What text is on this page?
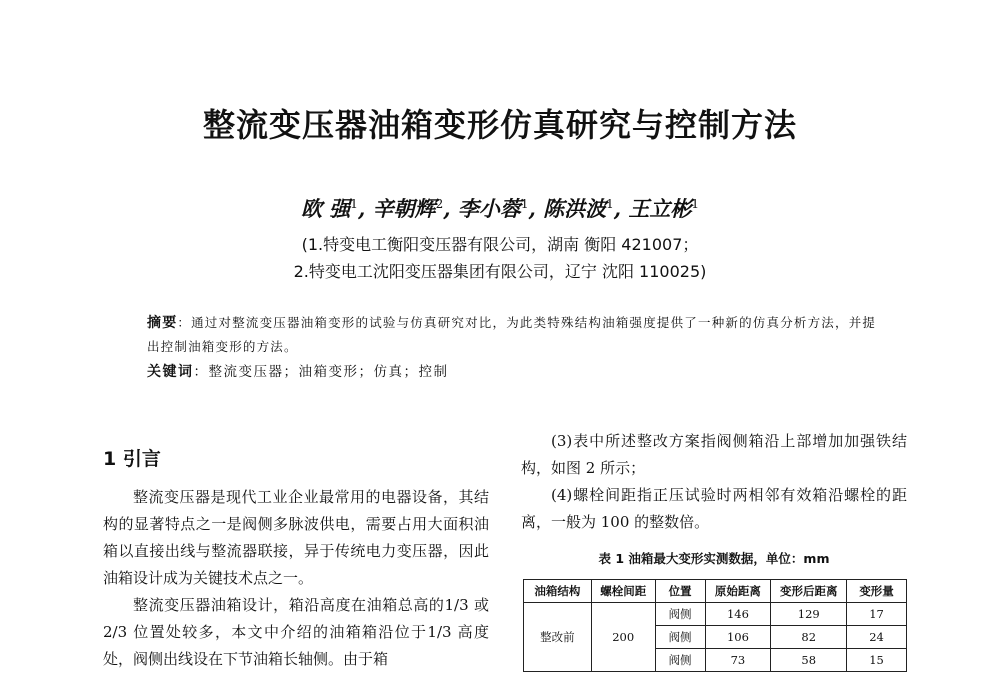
整流变压器油箱变形仿真研究与控制方法
欧 强$^1$, 辛朝辉$^2$, 李小蓉$^1$, 陈洪波$^1$, 王立彬$^1$
(1.特变电工衡阳变压器有限公司，湖南 衡阳 421007；
2.特变电工沈阳变压器集团有限公司，辽宁 沈阳 110025)
摘要：通过对整流变压器油箱变形的试验与仿真研究对比，为此类特殊结构油箱强度提供了一种新的仿真分析方法，并提出控制油箱变形的方法。
关键词：整流变压器；油箱变形；仿真；控制
1 引言

整流变压器是现代工业企业最常用的电器设备，其结构的显著特点之一是阀侧多脉波供电，需要占用大面积油箱以直接出线与整流器联接，异于传统电力变压器，因此油箱设计成为关键技术点之一。

整流变压器油箱设计，箱沿高度在油箱总高的1/3 或 2/3 位置处较多，本文中介绍的油箱箱沿位于1/3 高度处，阀侧出线设在下节油箱长轴侧。由于箱

(3)表中所述整改方案指阀侧箱沿上部增加加强铁结构，如图 2 所示；

(4)螺栓间距指正压试验时两相邻有效箱沿螺栓的距离，一般为 100 的整数倍。

表 1 油箱最大变形实测数据，单位：mm
油箱结构	螺栓间距	位置	原始距离	变形后距离	变形量
整改前	200	阀侧	146	129	17
		阀侧	106	82	24
		阀侧	73	58	15
